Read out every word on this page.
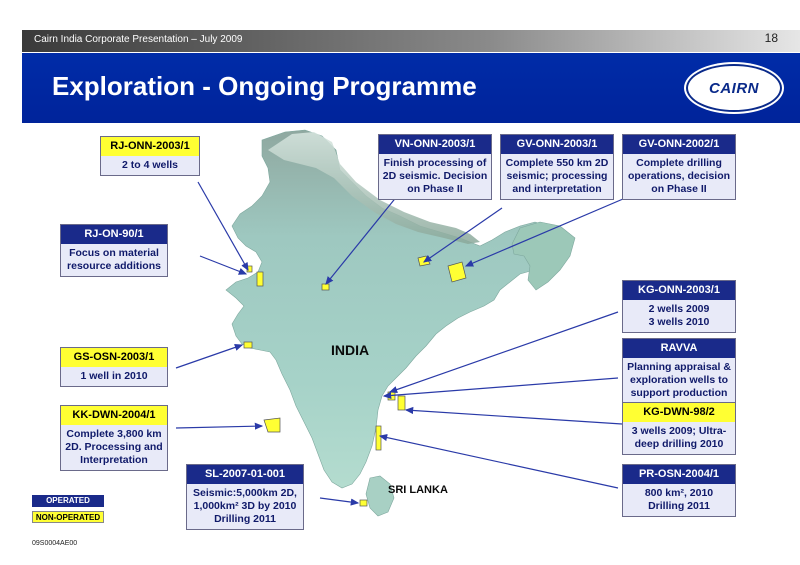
Cairn India Corporate Presentation – July 2009	18
Exploration - Ongoing Programme	CAIRN
INDIA
SRI LANKA
RJ-ONN-2003/1
2 to 4 wells
RJ-ON-90/1
Focus on material
resource additions
GS-OSN-2003/1
1 well in 2010
KK-DWN-2004/1
Complete 3,800 km
2D. Processing and
Interpretation
SL-2007-01-001
Seismic:5,000km 2D,
1,000km² 3D by 2010
Drilling 2011
VN-ONN-2003/1
Finish processing of
2D seismic. Decision
on Phase II
GV-ONN-2003/1
Complete 550 km 2D
seismic; processing
and interpretation
GV-ONN-2002/1
Complete drilling
operations, decision
on Phase II
KG-ONN-2003/1
2 wells 2009
3 wells 2010
RAVVA
Planning appraisal &
exploration wells to
support production
KG-DWN-98/2
3 wells 2009; Ultra-
deep drilling 2010
PR-OSN-2004/1
800 km², 2010
Drilling 2011
OPERATED
NON-OPERATED
09S0004AE00
